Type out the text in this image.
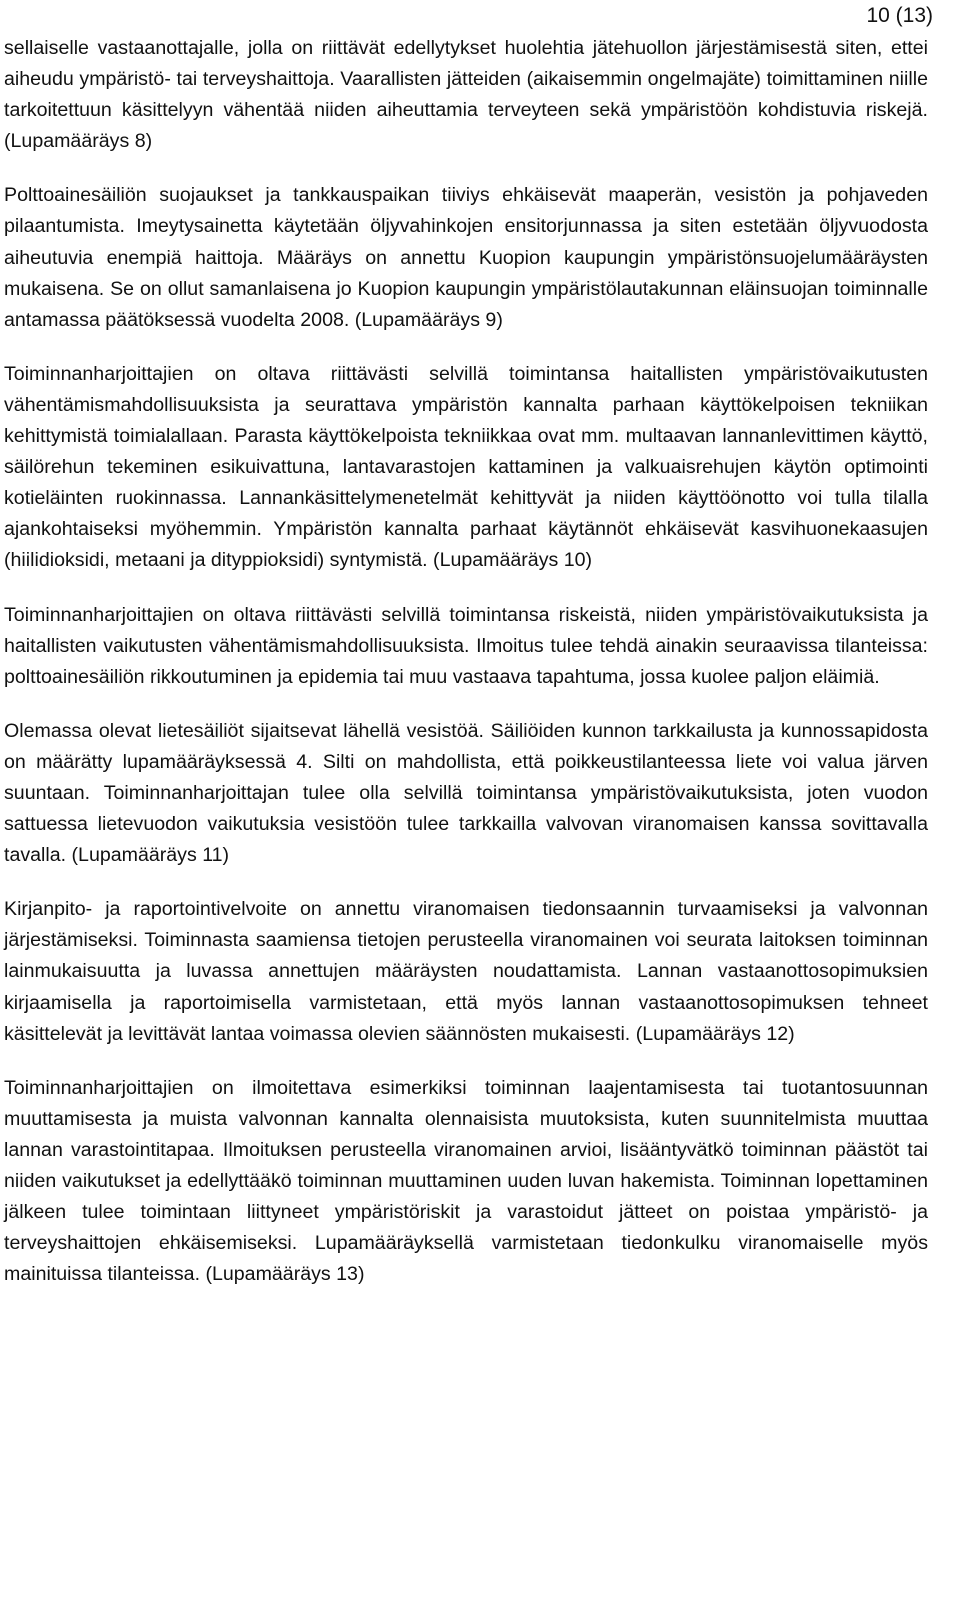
10 (13)

sellaiselle vastaanottajalle, jolla on riittävät edellytykset huolehtia jätehuollon järjestämisestä siten, ettei aiheudu ympäristö- tai terveyshaittoja. Vaarallisten jätteiden (aikaisemmin ongelmajäte) toimittaminen niille tarkoitettuun käsittelyyn vähentää niiden aiheuttamia terveyteen sekä ympäristöön kohdistuvia riskejä. (Lupamääräys 8)

Polttoainesäiliön suojaukset ja tankkauspaikan tiiviys ehkäisevät maaperän, vesistön ja pohjaveden pilaantumista. Imeytysainetta käytetään öljyvahinkojen ensitorjunnassa ja siten estetään öljyvuodosta aiheutuvia enempiä haittoja. Määräys on annettu Kuopion kaupungin ympäristönsuojelumääräysten mukaisena. Se on ollut samanlaisena jo Kuopion kaupungin ympäristölautakunnan eläinsuojan toiminnalle antamassa päätöksessä vuodelta 2008. (Lupamääräys 9)

Toiminnanharjoittajien on oltava riittävästi selvillä toimintansa haitallisten ympäristövaikutusten vähentämismahdollisuuksista ja seurattava ympäristön kannalta parhaan käyttökelpoisen tekniikan kehittymistä toimialallaan. Parasta käyttökelpoista tekniikkaa ovat mm. multaavan lannanlevittimen käyttö, säilörehun tekeminen esikuivattuna, lantavarastojen kattaminen ja valkuaisrehujen käytön optimointi kotieläinten ruokinnassa. Lannankäsittelymenetelmät kehittyvät ja niiden käyttöönotto voi tulla tilalla ajankohtaiseksi myöhemmin. Ympäristön kannalta parhaat käytännöt ehkäisevät kasvihuonekaasujen (hiilidioksidi, metaani ja dityppioksidi) syntymistä. (Lupamääräys 10)

Toiminnanharjoittajien on oltava riittävästi selvillä toimintansa riskeistä, niiden ympäristövaikutuksista ja haitallisten vaikutusten vähentämismahdollisuuksista. Ilmoitus tulee tehdä ainakin seuraavissa tilanteissa: polttoainesäiliön rikkoutuminen ja epidemia tai muu vastaava tapahtuma, jossa kuolee paljon eläimiä.

Olemassa olevat lietesäiliöt sijaitsevat lähellä vesistöä. Säiliöiden kunnon tarkkailusta ja kunnossapidosta on määrätty lupamääräyksessä 4. Silti on mahdollista, että poikkeustilanteessa liete voi valua järven suuntaan. Toiminnanharjoittajan tulee olla selvillä toimintansa ympäristövaikutuksista, joten vuodon sattuessa lietevuodon vaikutuksia vesistöön tulee tarkkailla valvovan viranomaisen kanssa sovittavalla tavalla. (Lupamääräys 11)

Kirjanpito- ja raportointivelvoite on annettu viranomaisen tiedonsaannin turvaamiseksi ja valvonnan järjestämiseksi. Toiminnasta saamiensa tietojen perusteella viranomainen voi seurata laitoksen toiminnan lainmukaisuutta ja luvassa annettujen määräysten noudattamista. Lannan vastaanottosopimuksien kirjaamisella ja raportoimisella varmistetaan, että myös lannan vastaanottosopimuksen tehneet käsittelevät ja levittävät lantaa voimassa olevien säännösten mukaisesti. (Lupamääräys 12)

Toiminnanharjoittajien on ilmoitettava esimerkiksi toiminnan laajentamisesta tai tuotantosuunnan muuttamisesta ja muista valvonnan kannalta olennaisista muutoksista, kuten suunnitelmista muuttaa lannan varastointitapaa. Ilmoituksen perusteella viranomainen arvioi, lisääntyvätkö toiminnan päästöt tai niiden vaikutukset ja edellyttääkö toiminnan muuttaminen uuden luvan hakemista. Toiminnan lopettaminen jälkeen tulee toimintaan liittyneet ympäristöriskit ja varastoidut jätteet on poistaa ympäristö- ja terveyshaittojen ehkäisemiseksi. Lupamääräyksellä varmistetaan tiedonkulku viranomaiselle myös mainituissa tilanteissa. (Lupamääräys 13)
